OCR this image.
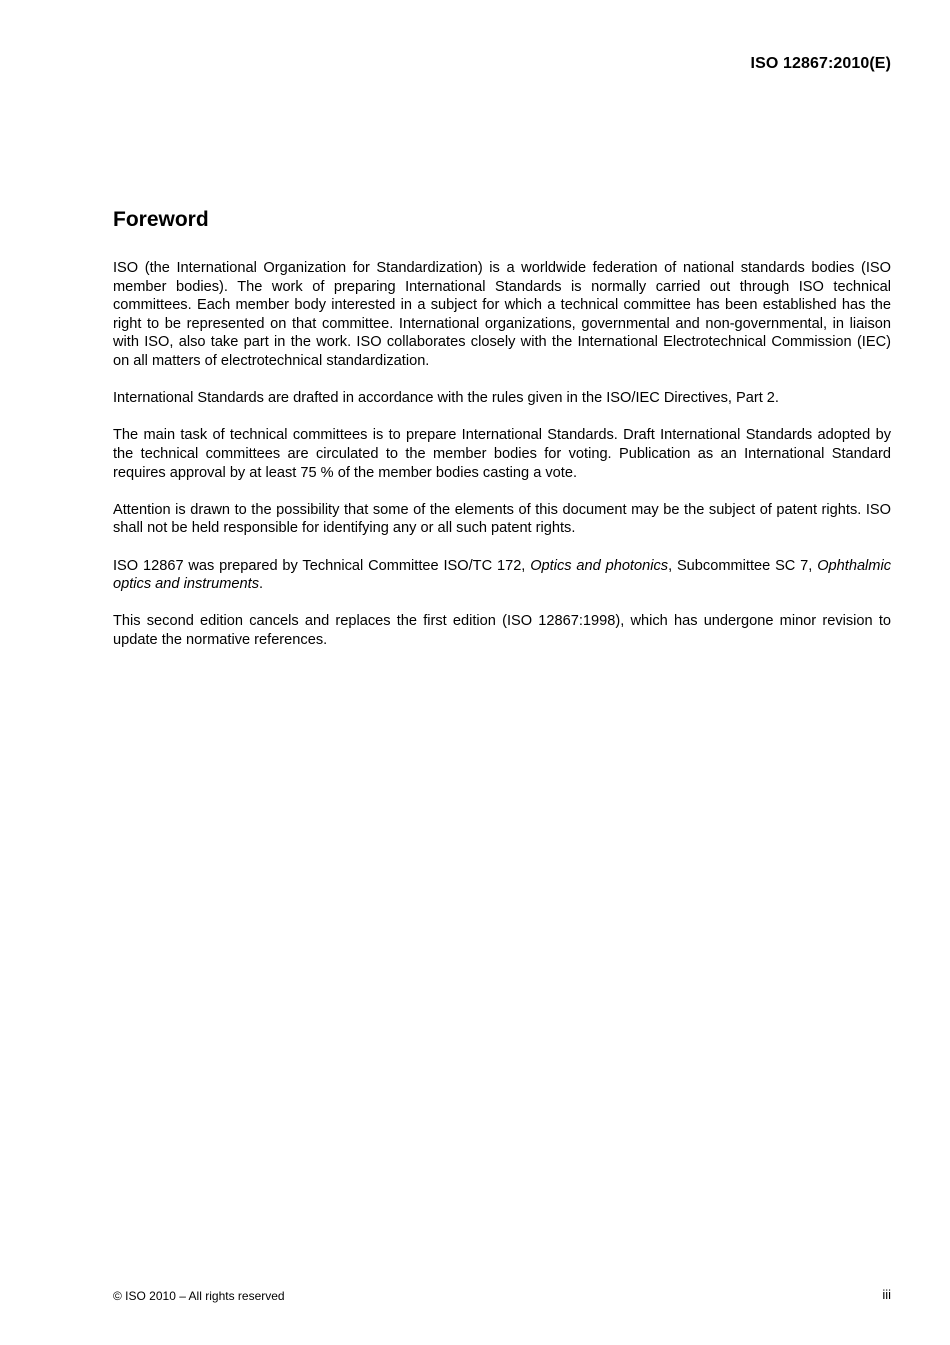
ISO 12867:2010(E)
Foreword

ISO (the International Organization for Standardization) is a worldwide federation of national standards bodies (ISO member bodies). The work of preparing International Standards is normally carried out through ISO technical committees. Each member body interested in a subject for which a technical committee has been established has the right to be represented on that committee. International organizations, governmental and non-governmental, in liaison with ISO, also take part in the work. ISO collaborates closely with the International Electrotechnical Commission (IEC) on all matters of electrotechnical standardization.

International Standards are drafted in accordance with the rules given in the ISO/IEC Directives, Part 2.

The main task of technical committees is to prepare International Standards. Draft International Standards adopted by the technical committees are circulated to the member bodies for voting. Publication as an International Standard requires approval by at least 75 % of the member bodies casting a vote.

Attention is drawn to the possibility that some of the elements of this document may be the subject of patent rights. ISO shall not be held responsible for identifying any or all such patent rights.

ISO 12867 was prepared by Technical Committee ISO/TC 172, Optics and photonics, Subcommittee SC 7, Ophthalmic optics and instruments.

This second edition cancels and replaces the first edition (ISO 12867:1998), which has undergone minor revision to update the normative references.

© ISO 2010 – All rights reserved	iii
